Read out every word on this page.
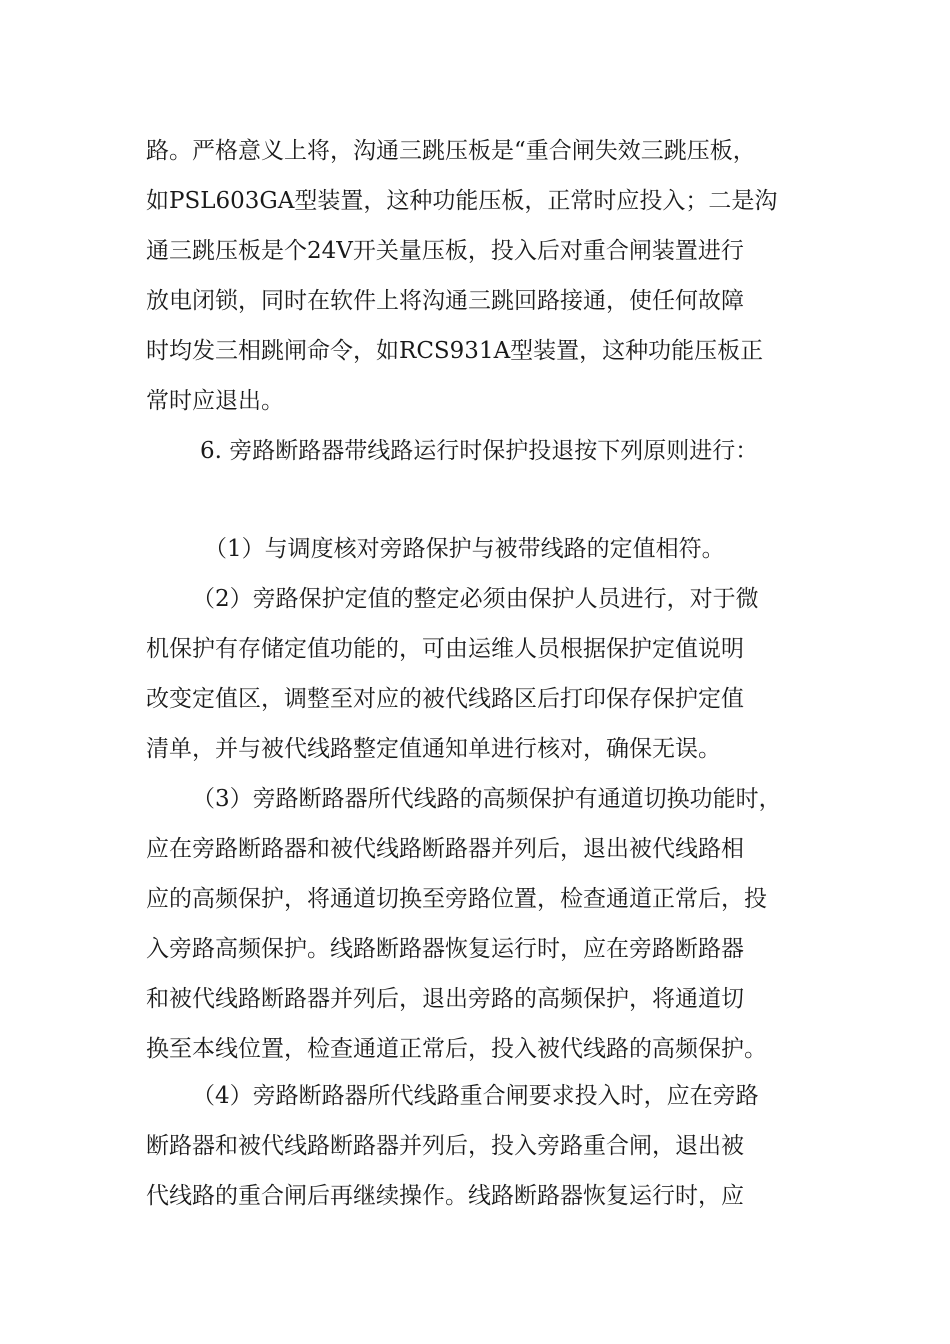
路。严格意义上将，沟通三跳压板是“重合闸失效三跳压板，
如PSL603GA型装置，这种功能压板，正常时应投入；二是沟
通三跳压板是个24V开关量压板，投入后对重合闸装置进行
放电闭锁，同时在软件上将沟通三跳回路接通，使任何故障
时均发三相跳闸命令，如RCS931A型装置，这种功能压板正
常时应退出。
6. 旁路断路器带线路运行时保护投退按下列原则进行：
（1）与调度核对旁路保护与被带线路的定值相符。
（2）旁路保护定值的整定必须由保护人员进行，对于微
机保护有存储定值功能的，可由运维人员根据保护定值说明
改变定值区，调整至对应的被代线路区后打印保存保护定值
清单，并与被代线路整定值通知单进行核对，确保无误。
（3）旁路断路器所代线路的高频保护有通道切换功能时，
应在旁路断路器和被代线路断路器并列后，退出被代线路相
应的高频保护，将通道切换至旁路位置，检查通道正常后，投
入旁路高频保护。线路断路器恢复运行时，应在旁路断路器
和被代线路断路器并列后，退出旁路的高频保护，将通道切
换至本线位置，检查通道正常后，投入被代线路的高频保护。
（4）旁路断路器所代线路重合闸要求投入时，应在旁路
断路器和被代线路断路器并列后，投入旁路重合闸，退出被
代线路的重合闸后再继续操作。线路断路器恢复运行时，应
